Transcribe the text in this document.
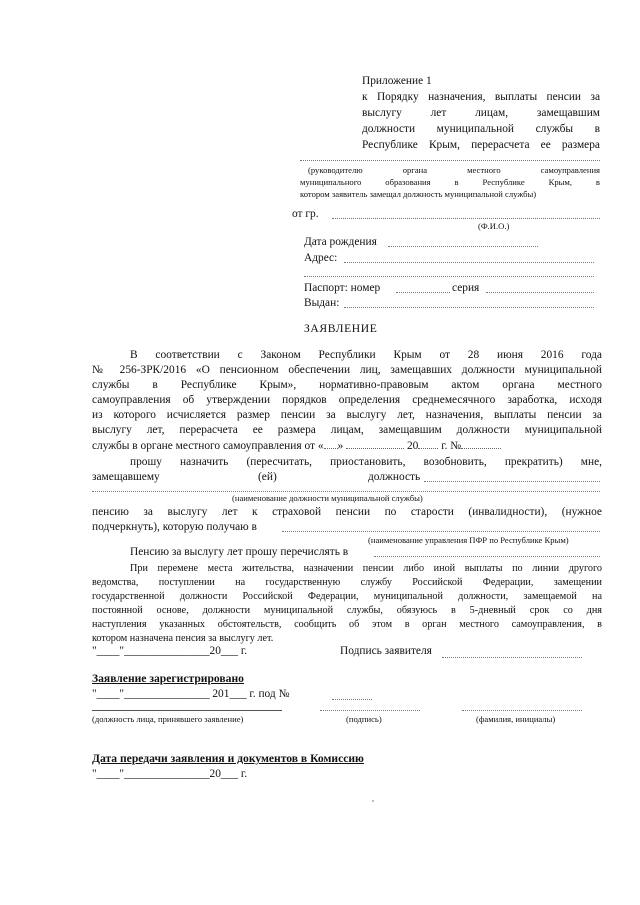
Приложение 1
к Порядку назначения, выплаты пенсии за
выслугу лет лицам, замещавшим
должности муниципальной службы в
Республике Крым, перерасчета ее размера
(руководителю органа местного самоуправления
муниципального образования в Республике Крым, в
котором заявитель замещал должность муниципальной службы)
от гр.
(Ф.И.О.)
Дата рождения
Адрес:
Паспорт: номер	серия
Выдан:
ЗАЯВЛЕНИЕ
В соответствии с Законом Республики Крым от 28 июня 2016 года
№ 256-ЗРК/2016 «О пенсионном обеспечении лиц, замещавших должности муниципальной
службы в Республике Крым», нормативно-правовым актом органа местного
самоуправления об утверждении порядков определения среднемесячного заработка, исходя
из которого исчисляется размер пенсии за выслугу лет, назначения, выплаты пенсии за
выслугу лет, перерасчета ее размера лицам, замещавшим должности муниципальной
службы в органе местного самоуправления от « »	20 г. №
прошу назначить (пересчитать, приостановить, возобновить, прекратить) мне,
замещавшему	(ей)	должность
(наименование должности муниципальной службы)
пенсию за выслугу лет к страховой пенсии по старости (инвалидности), (нужное
подчеркнуть), которую получаю в
(наименование управления ПФР по Республике Крым)
Пенсию за выслугу лет прошу перечислять в
При перемене места жительства, назначении пенсии либо иной выплаты по линии другого
ведомства, поступлении на государственную службу Российской Федерации, замещении
государственной должности Российской Федерации, муниципальной должности, замещаемой на
постоянной основе, должности муниципальной службы, обязуюсь в 5-дневный срок со дня
наступления указанных обстоятельств, сообщить об этом в орган местного самоуправления, в
котором назначена пенсия за выслугу лет.
"____"_______________20___ г.	Подпись заявителя
Заявление зарегистрировано
"____"_______________ 201___ г. под №
(должность лица, принявшего заявление)	(подпись)	(фамилия, инициалы)
Дата передачи заявления и документов в Комиссию
"____"_______________20___ г.
